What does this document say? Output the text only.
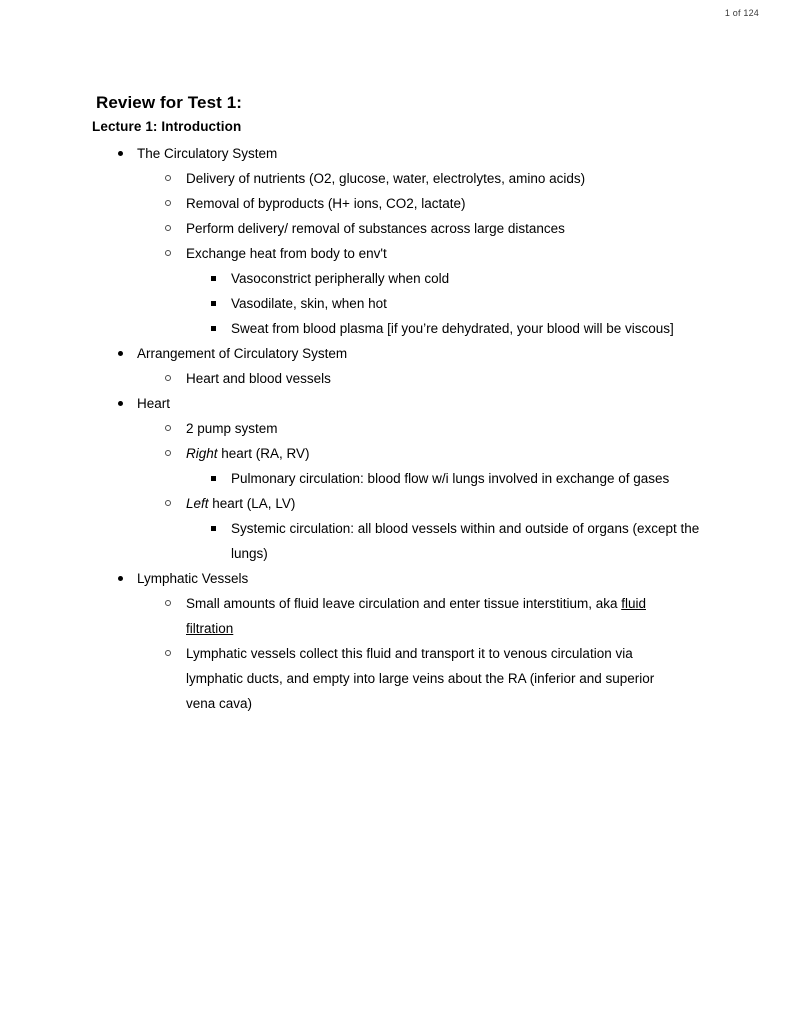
1 of 124
Review for Test 1:
Lecture 1: Introduction
The Circulatory System
Delivery of nutrients (O2, glucose, water, electrolytes, amino acids)
Removal of byproducts (H+ ions, CO2, lactate)
Perform delivery/ removal of substances across large distances
Exchange heat from body to env't
Vasoconstrict peripherally when cold
Vasodilate, skin, when hot
Sweat from blood plasma [if you’re dehydrated, your blood will be viscous]
Arrangement of Circulatory System
Heart and blood vessels
Heart
2 pump system
Right heart (RA, RV)
Pulmonary circulation: blood flow w/i lungs involved in exchange of gases
Left heart (LA, LV)
Systemic circulation: all blood vessels within and outside of organs (except the lungs)
Lymphatic Vessels
Small amounts of fluid leave circulation and enter tissue interstitium, aka fluid filtration
Lymphatic vessels collect this fluid and transport it to venous circulation via lymphatic ducts, and empty into large veins about the RA (inferior and superior vena cava)
